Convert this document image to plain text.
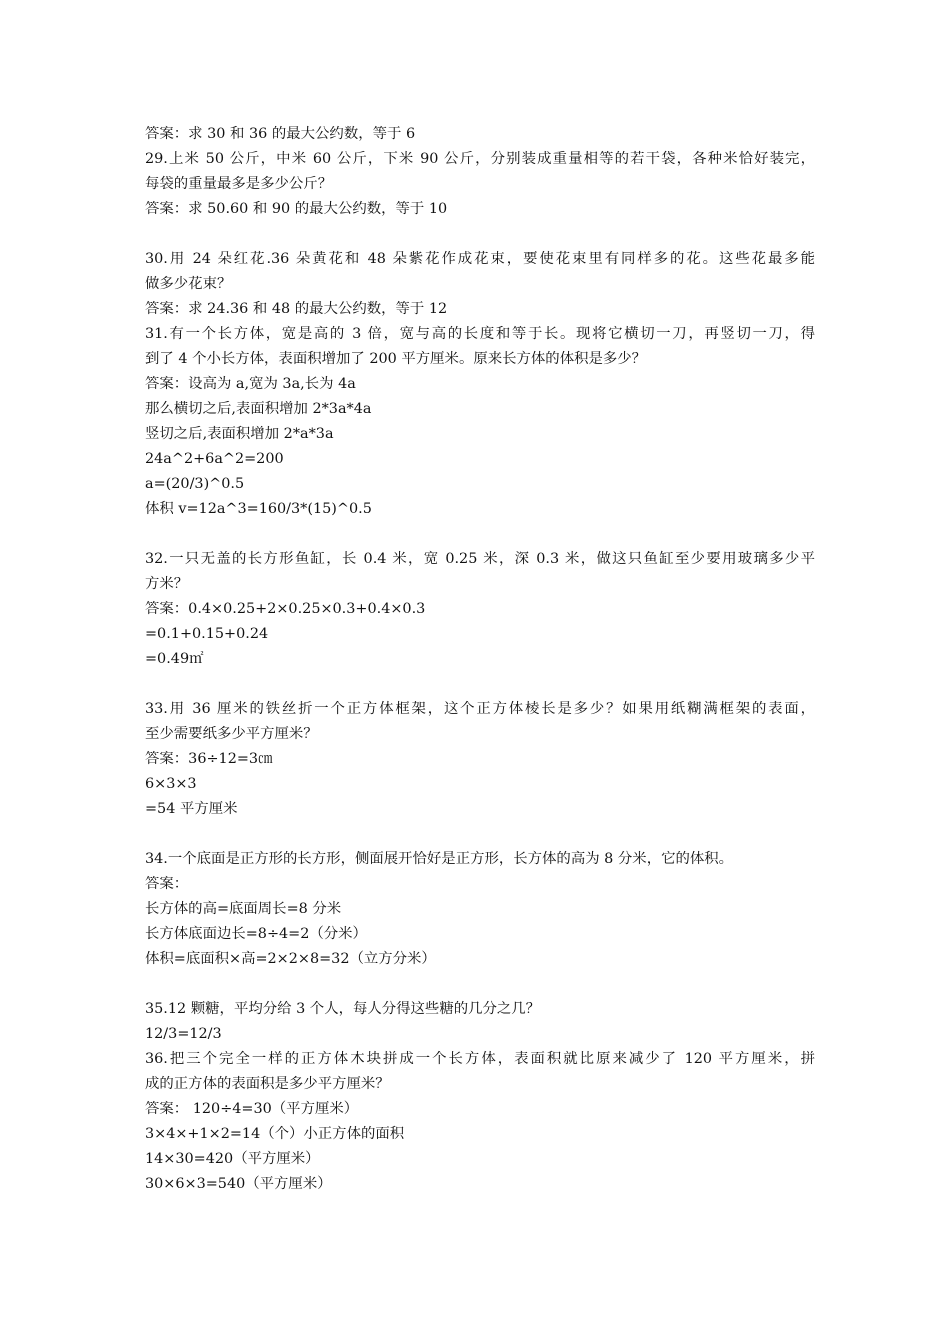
答案：求 30 和 36 的最大公约数，等于 6
29.上米 50 公斤，中米 60 公斤，下米 90 公斤，分别装成重量相等的若干袋，各种米恰好装完，
每袋的重量最多是多少公斤？
答案：求 50.60 和 90 的最大公约数，等于 10
30.用 24 朵红花.36 朵黄花和 48 朵紫花作成花束，要使花束里有同样多的花。这些花最多能
做多少花束？
答案：求 24.36 和 48 的最大公约数，等于 12
31.有一个长方体，宽是高的 3 倍，宽与高的长度和等于长。现将它横切一刀，再竖切一刀，得
到了 4 个小长方体，表面积增加了 200 平方厘米。原来长方体的体积是多少？
答案：设高为 a,宽为 3a,长为 4a
那么横切之后,表面积增加 2*3a*4a
竖切之后,表面积增加 2*a*3a
24a^2+6a^2=200
a=(20/3)^0.5
体积 v=12a^3=160/3*(15)^0.5
32.一只无盖的长方形鱼缸，长 0.4 米，宽 0.25 米，深 0.3 米，做这只鱼缸至少要用玻璃多少平
方米？
答案：0.4×0.25+2×0.25×0.3+0.4×0.3
=0.1+0.15+0.24
=0.49㎡
33.用 36 厘米的铁丝折一个正方体框架，这个正方体棱长是多少？如果用纸糊满框架的表面，
至少需要纸多少平方厘米？
答案：36÷12=3㎝
6×3×3
=54 平方厘米
34.一个底面是正方形的长方形，侧面展开恰好是正方形，长方体的高为 8 分米，它的体积。
答案：
长方体的高=底面周长=8 分米
长方体底面边长=8÷4=2（分米）
体积=底面积×高=2×2×8=32（立方分米）
35.12 颗糖，平均分给 3 个人，每人分得这些糖的几分之几？
12/3=12/3
36.把三个完全一样的正方体木块拼成一个长方体，表面积就比原来减少了 120 平方厘米，拼
成的正方体的表面积是多少平方厘米？
答案： 120÷4=30（平方厘米）
3×4×+1×2=14（个）小正方体的面积
14×30=420（平方厘米）
30×6×3=540（平方厘米）
